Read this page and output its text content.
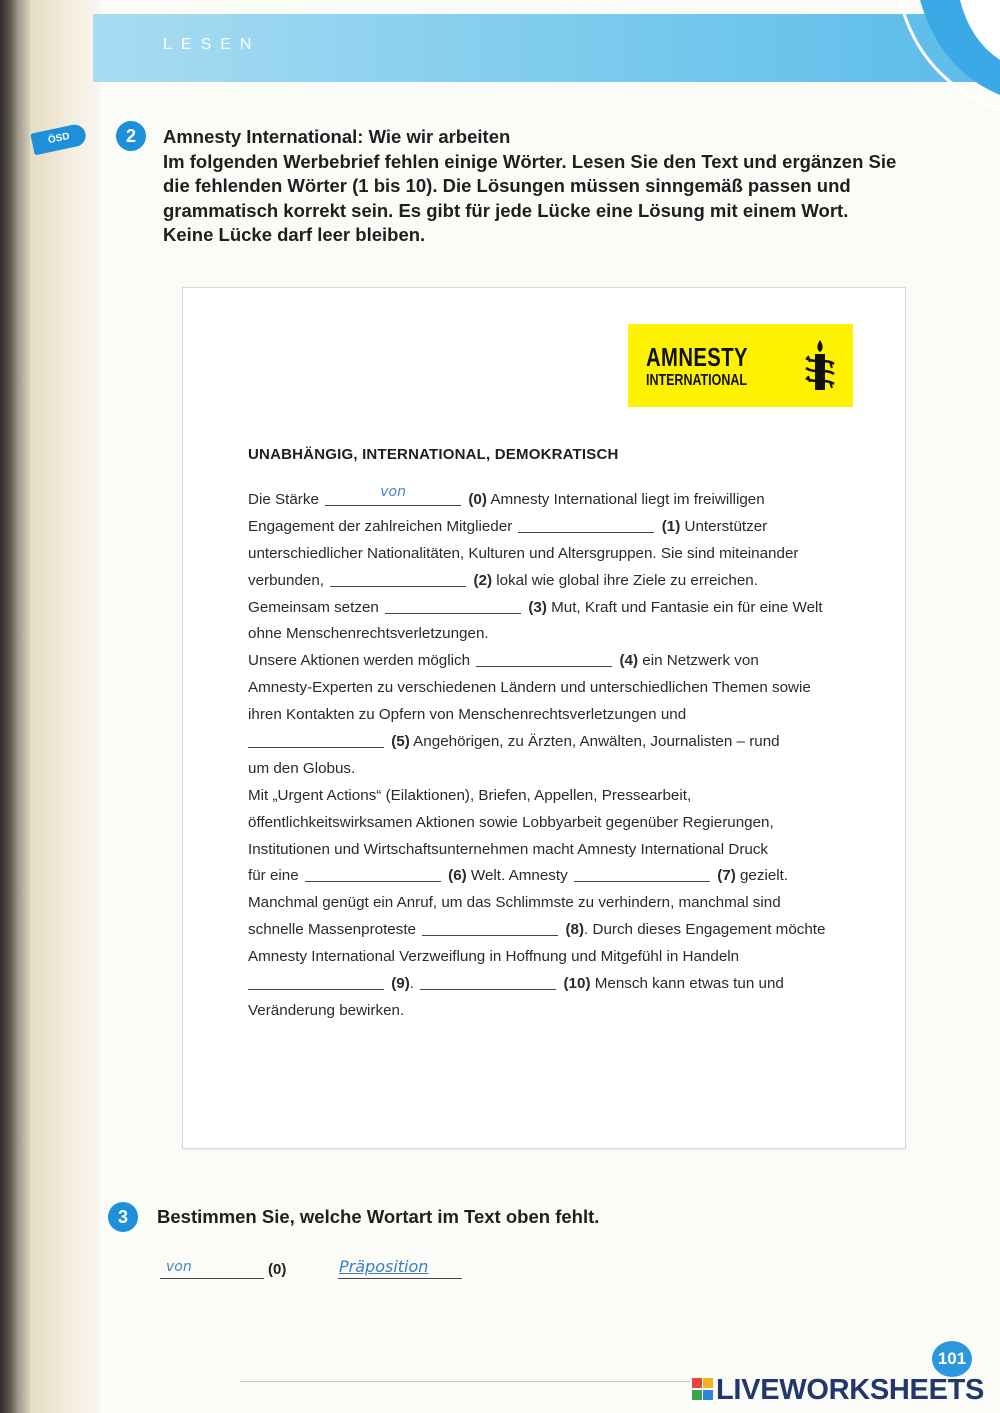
LESEN
ÖSD	2	Amnesty International: Wie wir arbeiten
Im folgenden Werbebrief fehlen einige Wörter. Lesen Sie den Text und ergänzen Sie
die fehlenden Wörter (1 bis 10). Die Lösungen müssen sinngemäß passen und
grammatisch korrekt sein. Es gibt für jede Lücke eine Lösung mit einem Wort.
Keine Lücke darf leer bleiben.
AMNESTY
INTERNATIONAL
UNABHÄNGIG, INTERNATIONAL, DEMOKRATISCH
Die Stärke	von	(0) Amnesty International liegt im freiwilligen
Engagement der zahlreichen Mitglieder	(1) Unterstützer
unterschiedlicher Nationalitäten, Kulturen und Altersgruppen. Sie sind miteinander
verbunden,	(2) lokal wie global ihre Ziele zu erreichen.
Gemeinsam setzen	(3) Mut, Kraft und Fantasie ein für eine Welt
ohne Menschenrechtsverletzungen.
Unsere Aktionen werden möglich	(4) ein Netzwerk von
Amnesty-Experten zu verschiedenen Ländern und unterschiedlichen Themen sowie
ihren Kontakten zu Opfern von Menschenrechtsverletzungen und
(5) Angehörigen, zu Ärzten, Anwälten, Journalisten – rund
um den Globus.
Mit „Urgent Actions“ (Eilaktionen), Briefen, Appellen, Pressearbeit,
öffentlichkeitswirksamen Aktionen sowie Lobbyarbeit gegenüber Regierungen,
Institutionen und Wirtschaftsunternehmen macht Amnesty International Druck
für eine	(6) Welt. Amnesty	(7) gezielt.
Manchmal genügt ein Anruf, um das Schlimmste zu verhindern, manchmal sind
schnelle Massenproteste	(8). Durch dieses Engagement möchte
Amnesty International Verzweiflung in Hoffnung und Mitgefühl in Handeln
(9).	(10) Mensch kann etwas tun und
Veränderung bewirken.
3	Bestimmen Sie, welche Wortart im Text oben fehlt.
von	(0)	Präposition
101
LIVEWORKSHEETS
